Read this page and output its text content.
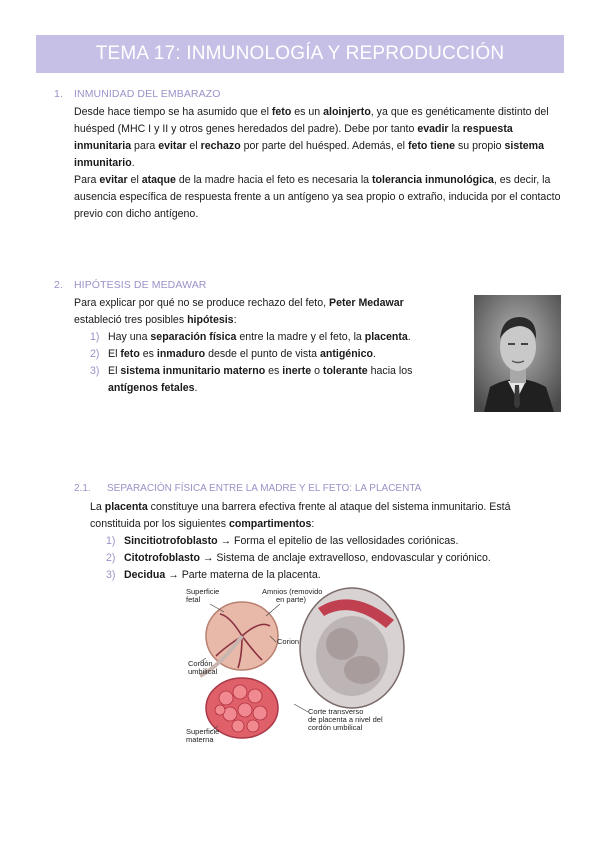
TEMA 17: INMUNOLOGÍA Y REPRODUCCIÓN
1. INMUNIDAD DEL EMBARAZO

Desde hace tiempo se ha asumido que el feto es un aloinjerto, ya que es genéticamente distinto del huésped (MHC I y II y otros genes heredados del padre). Debe por tanto evadir la respuesta inmunitaria para evitar el rechazo por parte del huésped. Además, el feto tiene su propio sistema inmunitario.

Para evitar el ataque de la madre hacia el feto es necesaria la tolerancia inmunológica, es decir, la ausencia específica de respuesta frente a un antígeno ya sea propio o extraño, inducida por el contacto previo con dicho antígeno.

2. HIPÓTESIS DE MEDAWAR

Para explicar por qué no se produce rechazo del feto, Peter Medawar estableció tres posibles hipótesis:

1) Hay una separación física entre la madre y el feto, la placenta.
2) El feto es inmaduro desde el punto de vista antigénico.
3) El sistema inmunitario materno es inerte o tolerante hacia los antígenos fetales.
2.1. SEPARACIÓN FÍSICA ENTRE LA MADRE Y EL FETO: LA PLACENTA

La placenta constituye una barrera efectiva frente al ataque del sistema inmunitario. Está constituida por los siguientes compartimentos:

1) Sincitiotrofoblasto → Forma el epitelio de las vellosidades coriónicas.
2) Citotrofoblasto → Sistema de anclaje extravelloso, endovascular y coriónico.
3) Decidua → Parte materna de la placenta.
Superficie
fetal
Amnios (removido
en parte)
Corion
Cordón
umbilical
Corte transverso
de placenta a nivel del
cordón umbilical
Superficie
materna
